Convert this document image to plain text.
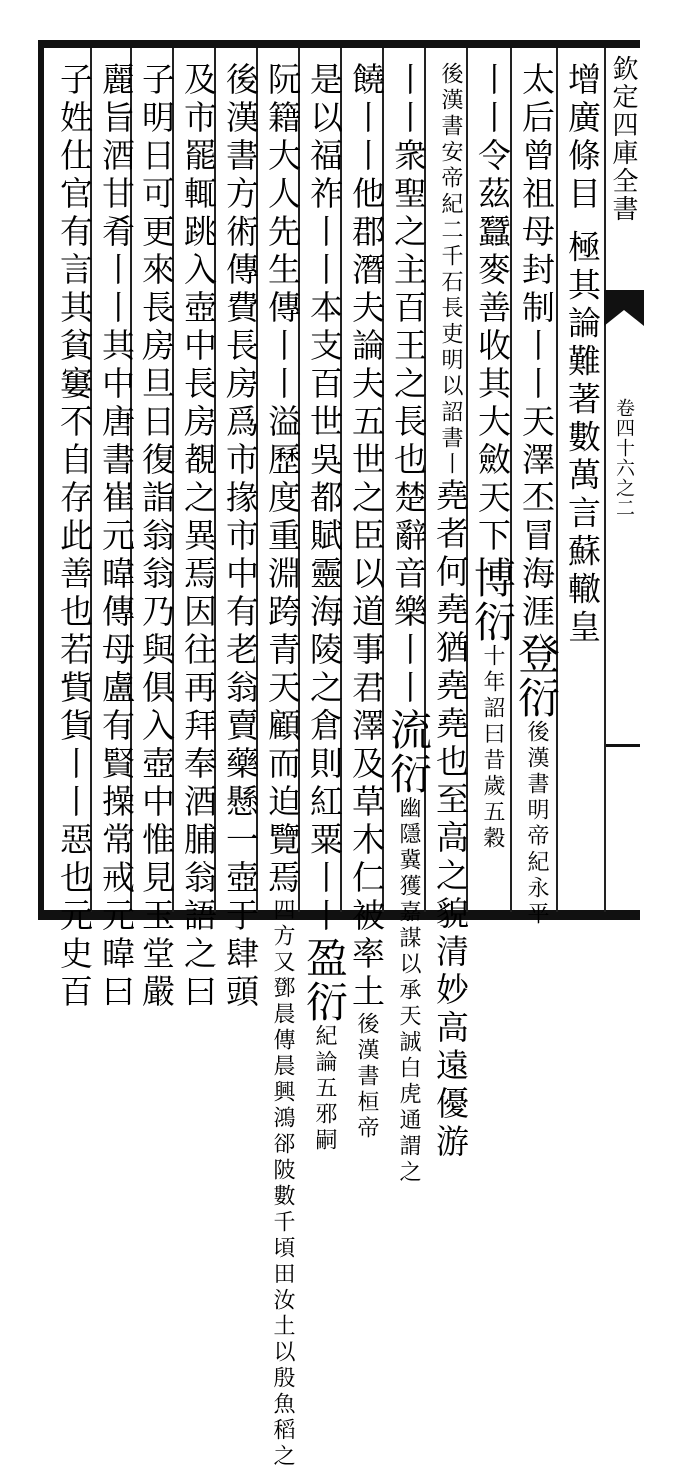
欽定四庫全書
卷四十六之二
增廣條目 極其論難著數萬言蘇轍皇
太后曾祖母封制丨丨天澤丕冒海涯登衍後漢書明帝紀永平
丨丨令茲蠶麥善收其大斂天下博衍十年詔曰昔歲五穀
後漢書安帝紀二千石長吏明以詔書丨堯者何堯猶堯堯也至高之貌清妙高遠優游
丨丨衆聖之主百王之長也楚辭音樂丨丨流衍幽隱冀獲嘉謀以承天誠白虎通謂之
饒丨丨他郡潛夫論夫五世之臣以道事君澤及草木仁被率土後漢書桓帝
是以福祚丨丨本支百世吳都賦靈海陵之倉則紅粟丨丨盈衍紀論五邪嗣
阮籍大人先生傳丨丨溢歷度重淵跨青天顧而迫覽焉四方又鄧晨傳晨興鴻郤陂數千頃田汝土以殷魚稻之
後漢書方術傳費長房爲市掾市中有老翁賣藥懸一壺于肆頭
及市罷輒跳入壺中長房覩之異焉因往再拜奉酒脯翁語之曰
子明日可更來長房旦日復詣翁翁乃與俱入壺中惟見玉堂嚴
麗旨酒甘肴丨丨其中唐書崔元暐傳母盧有賢操常戒元暐曰
子姓仕官有言其貧窶不自存此善也若貲貨丨丨惡也元史百
